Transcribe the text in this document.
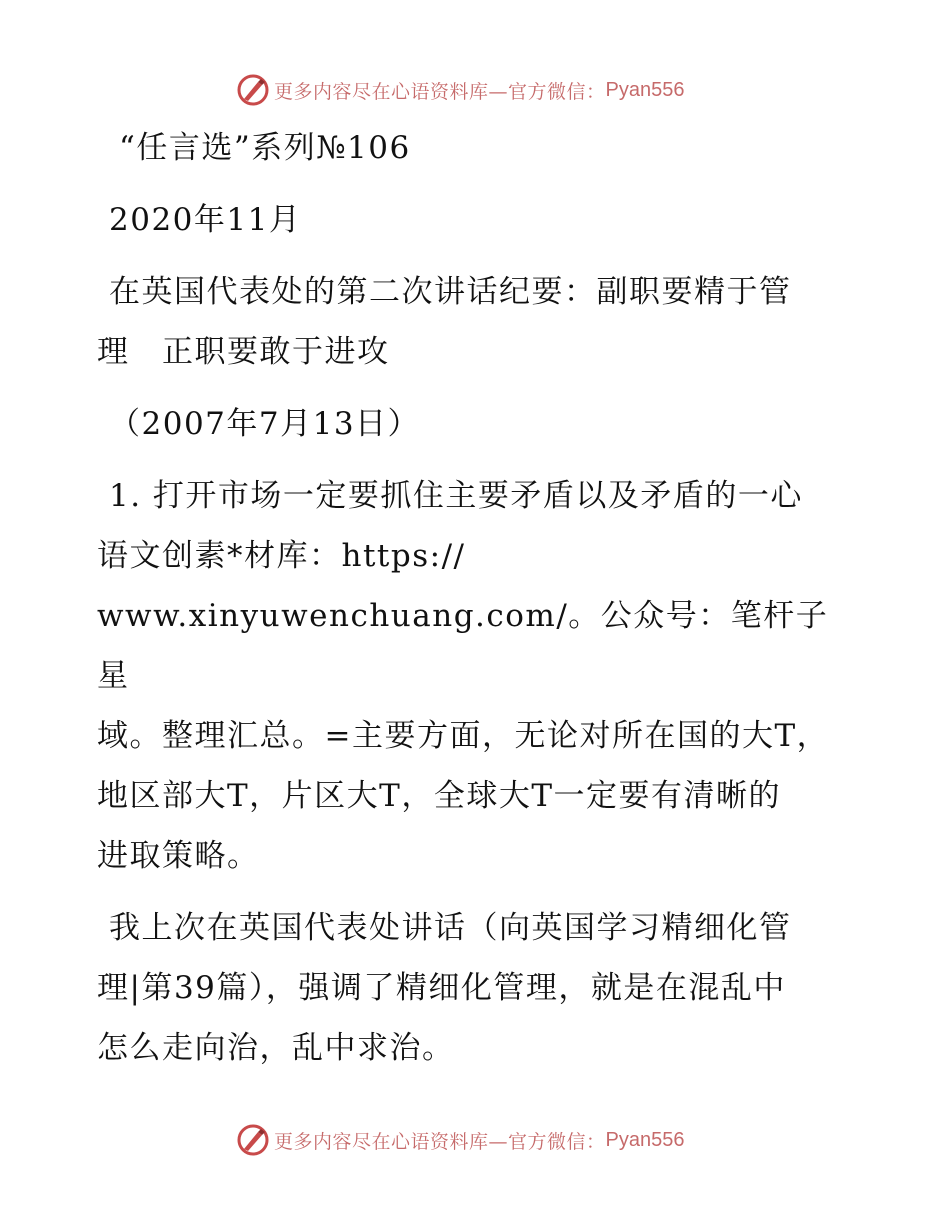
更多内容尽在心语资料库—官方微信： Pyan556

“任言选”系列№106

2020年11月

在英国代表处的第二次讲话纪要：副职要精于管

理　正职要敢于进攻

（2007年7月13日）

1. 打开市场一定要抓住主要矛盾以及矛盾的一心

语文创素*材库：https://

www.xinyuwenchuang.com/。公众号：笔杆子星

域。整理汇总。=主要方面，无论对所在国的大T，

地区部大T，片区大T，全球大T一定要有清晰的

进取策略。

我上次在英国代表处讲话（向英国学习精细化管

理|第39篇），强调了精细化管理，就是在混乱中

怎么走向治，乱中求治。

更多内容尽在心语资料库—官方微信： Pyan556
